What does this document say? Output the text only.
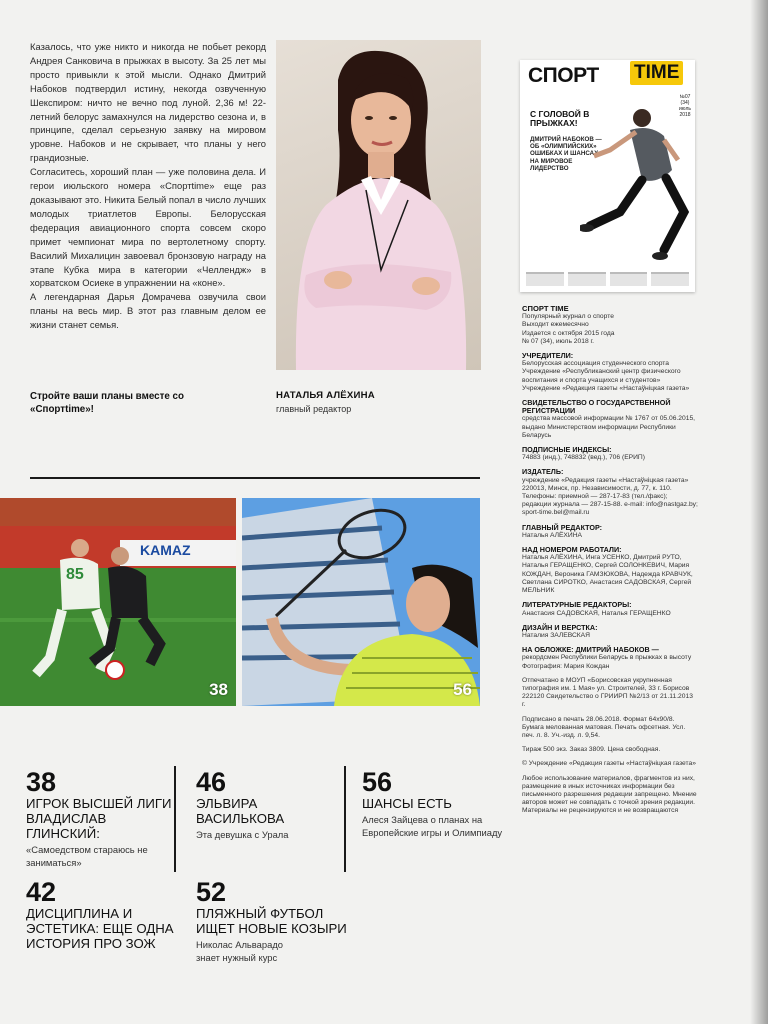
Казалось, что уже никто и никогда не побьет рекорд Андрея Санковича в прыжках в высоту. За 25 лет мы просто привыкли к этой мысли. Однако Дмитрий Набоков подтвердил истину, некогда озвученную Шекспиром: ничто не вечно под луной. 2,36 м! 22-летний белорус замахнулся на лидерство сезона и, в принципе, сделал серьезную заявку на мировом уровне. Набоков и не скрывает, что планы у него грандиозные.

Согласитесь, хороший план — уже половина дела. И герои июльского номера «Спортtime» еще раз доказывают это. Никита Белый попал в число лучших молодых триатлетов Европы. Белорусская федерация авиационного спорта совсем скоро примет чемпионат мира по вертолетному спорту. Василий Михалицин завоевал бронзовую награду на этапе Кубка мира в категории «Челлендж» в хорватском Осиеке в упражнении на «коне».

А легендарная Дарья Домрачева озвучила свои планы на весь мир. В этот раз главным делом ее жизни станет семья.

Стройте ваши планы вместе со «Спортtime»!
НАТАЛЬЯ АЛЁХИНА
главный редактор
СПОРТ TIME
С ГОЛОВОЙ В ПРЫЖКАХ!
ДМИТРИЙ НАБОКОВ — ОБ «ОЛИМПИЙСКИХ» ОШИБКАХ И ШАНСАХ НА МИРОВОЕ ЛИДЕРСТВО
№07 (34) июль 2018
СПОРТ TIME
Популярный журнал о спорте
Выходит ежемесячно
Издается с октября 2015 года
№ 07 (34), июль 2018 г.
УЧРЕДИТЕЛИ:
Белорусская ассоциация студенческого спорта Учреждение «Республиканский центр физического воспитания и спорта учащихся и студентов» Учреждение «Редакция газеты «Настаўніцкая газета»
СВИДЕТЕЛЬСТВО О ГОСУДАРСТВЕННОЙ РЕГИСТРАЦИИ
средства массовой информации № 1767 от 05.06.2015, выдано Министерством информации Республики Беларусь
ПОДПИСНЫЕ ИНДЕКСЫ:
74883 (инд.), 748832 (вед.), 706 (ЕРИП)
ИЗДАТЕЛЬ:
учреждение «Редакция газеты «Настаўніцкая газета» 220013, Минск, пр. Независимости, д. 77, к. 110. Телефоны: приемной — 287-17-83 (тел./факс); редакции журнала — 287-15-88. e-mail: info@nastgaz.by; sport-time.bel@mail.ru
ГЛАВНЫЙ РЕДАКТОР:
Наталья АЛЁХИНА
НАД НОМЕРОМ РАБОТАЛИ:
Наталья АЛЁХИНА, Инга УСЕНКО, Дмитрий РУТО, Наталья ГЕРАЩЕНКО, Сергей СОЛОНКЕВИЧ, Мария КОЖДАН, Вероника ГАМЗЮКОВА, Надежда КРАВЧУК, Светлана СИРОТКО, Анастасия САДОВСКАЯ, Сергей МЕЛЬНИК
ЛИТЕРАТУРНЫЕ РЕДАКТОРЫ:
Анастасия САДОВСКАЯ, Наталья ГЕРАЩЕНКО
ДИЗАЙН И ВЕРСТКА:
Наталия ЗАЛЕВСКАЯ
НА ОБЛОЖКЕ: ДМИТРИЙ НАБОКОВ —
рекордсмен Республики Беларусь в прыжках в высоту Фотография: Мария Кождан
Отпечатано в МОУП «Борисовская укрупненная типография им. 1 Мая» ул. Строителей, 33 г. Борисов 222120 Свидетельство о ГРИИРП №2/13 от 21.11.2013 г.
Подписано в печать 28.06.2018. Формат 64x90/8. Бумага мелованная матовая. Печать офсетная. Усл. печ. л. 8. Уч.-изд. л. 9,54.
Тираж 500 экз. Заказ 3809. Цена свободная.
© Учреждение «Редакция газеты «Настаўніцкая газета»
Любое использование материалов, фрагментов из них, размещение в иных источниках информации без письменного разрешения редакции запрещено. Мнение авторов может не совпадать с точкой зрения редакции. Материалы не рецензируются и не возвращаются
KAMAZ
85
38	56
38
ИГРОК ВЫСШЕЙ ЛИГИ ВЛАДИСЛАВ ГЛИНСКИЙ:
«Самоедством стараюсь не заниматься»
42
ДИСЦИПЛИНА И ЭСТЕТИКА: ЕЩЕ ОДНА ИСТОРИЯ ПРО ЗОЖ
46
ЭЛЬВИРА ВАСИЛЬКОВА
Эта девушка с Урала
52
ПЛЯЖНЫЙ ФУТБОЛ ИЩЕТ НОВЫЕ КОЗЫРИ
Николас Альварадо знает нужный курс
56
ШАНСЫ ЕСТЬ
Алеся Зайцева о планах на Европейские игры и Олимпиаду
